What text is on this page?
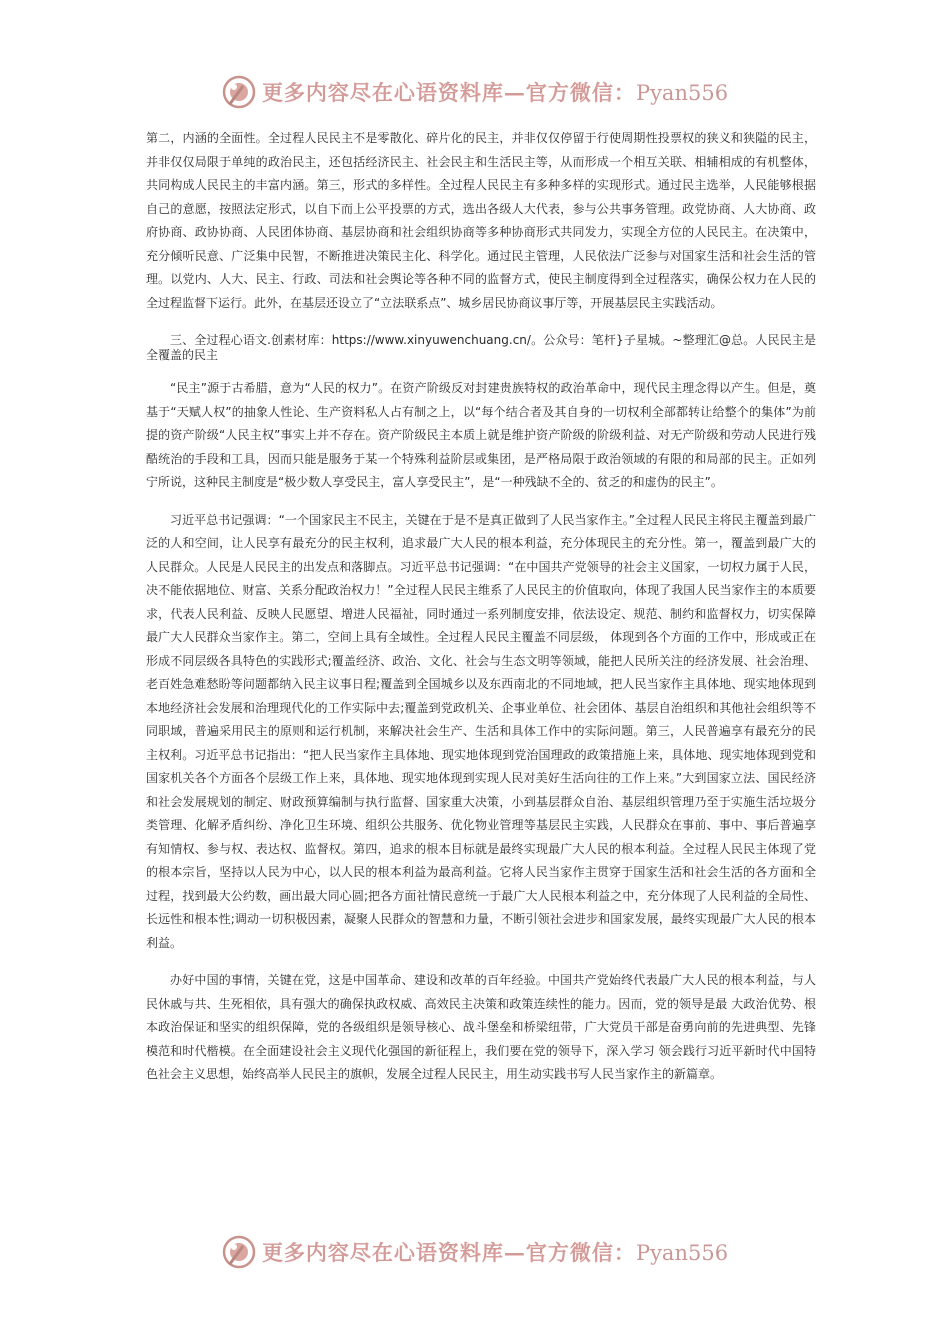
更多内容尽在心语资料库—官方微信：Pyan556

第二，内涵的全面性。全过程人民民主不是零散化、碎片化的民主，并非仅仅停留于行使周期性投票权的狭义和狭隘的民主，并非仅仅局限于单纯的政治民主，还包括经济民主、社会民主和生活民主等，从而形成一个相互关联、相辅相成的有机整体，共同构成人民民主的丰富内涵。第三，形式的多样性。全过程人民民主有多种多样的实现形式。通过民主选举，人民能够根据自己的意愿，按照法定形式，以自下而上公平投票的方式，选出各级人大代表，参与公共事务管理。政党协商、人大协商、政府协商、政协协商、人民团体协商、基层协商和社会组织协商等多种协商形式共同发力，实现全方位的人民民主。在决策中，充分倾听民意、广泛集中民智，不断推进决策民主化、科学化。通过民主管理，人民依法广泛参与对国家生活和社会生活的管理。以党内、人大、民主、行政、司法和社会舆论等各种不同的监督方式，使民主制度得到全过程落实，确保公权力在人民的全过程监督下运行。此外，在基层还设立了“立法联系点”、城乡居民协商议事厅等，开展基层民主实践活动。

三、全过程心语文.创素材库：https://www.xinyuwenchuang.cn/。公众号：笔杆}子星城。~整理汇@总。人民民主是全覆盖的民主

“民主”源于古希腊，意为“人民的权力”。在资产阶级反对封建贵族特权的政治革命中，现代民主理念得以产生。但是，奠基于“天赋人权”的抽象人性论、生产资料私人占有制之上，以“每个结合者及其自身的一切权利全部都转让给整个的集体”为前提的资产阶级“人民主权”事实上并不存在。资产阶级民主本质上就是维护资产阶级的阶级利益、对无产阶级和劳动人民进行残酷统治的手段和工具，因而只能是服务于某一个特殊利益阶层或集团，是严格局限于政治领域的有限的和局部的民主。正如列宁所说，这种民主制度是“极少数人享受民主，富人享受民主”，是“一种残缺不全的、贫乏的和虚伪的民主”。

习近平总书记强调：“一个国家民主不民主，关键在于是不是真正做到了人民当家作主。”全过程人民民主将民主覆盖到最广泛的人和空间，让人民享有最充分的民主权利，追求最广大人民的根本利益，充分体现民主的充分性。第一，覆盖到最广大的人民群众。人民是人民民主的出发点和落脚点。习近平总书记强调：“在中国共产党领导的社会主义国家，一切权力属于人民，决不能依据地位、财富、关系分配政治权力！”全过程人民民主维系了人民民主的价值取向，体现了我国人民当家作主的本质要求，代表人民利益、反映人民愿望、增进人民福祉，同时通过一系列制度安排，依法设定、规范、制约和监督权力，切实保障最广大人民群众当家作主。第二，空间上具有全域性。全过程人民民主覆盖不同层级， 体现到各个方面的工作中，形成或正在形成不同层级各具特色的实践形式;覆盖经济、政治、文化、社会与生态文明等领域，能把人民所关注的经济发展、社会治理、老百姓急难愁盼等问题都纳入民主议事日程;覆盖到全国城乡以及东西南北的不同地域，把人民当家作主具体地、现实地体现到本地经济社会发展和治理现代化的工作实际中去;覆盖到党政机关、企事业单位、社会团体、基层自治组织和其他社会组织等不同职域，普遍采用民主的原则和运行机制，来解决社会生产、生活和具体工作中的实际问题。第三，人民普遍享有最充分的民主权利。习近平总书记指出：“把人民当家作主具体地、现实地体现到党治国理政的政策措施上来，具体地、现实地体现到党和国家机关各个方面各个层级工作上来，具体地、现实地体现到实现人民对美好生活向往的工作上来。”大到国家立法、国民经济和社会发展规划的制定、财政预算编制与执行监督、国家重大决策，小到基层群众自治、基层组织管理乃至于实施生活垃圾分类管理、化解矛盾纠纷、净化卫生环境、组织公共服务、优化物业管理等基层民主实践，人民群众在事前、事中、事后普遍享有知情权、参与权、表达权、监督权。第四，追求的根本目标就是最终实现最广大人民的根本利益。全过程人民民主体现了党的根本宗旨，坚持以人民为中心，以人民的根本利益为最高利益。它将人民当家作主贯穿于国家生活和社会生活的各方面和全过程，找到最大公约数，画出最大同心圆;把各方面社情民意统一于最广大人民根本利益之中，充分体现了人民利益的全局性、长远性和根本性;调动一切积极因素，凝聚人民群众的智慧和力量，不断引领社会进步和国家发展，最终实现最广大人民的根本利益。

办好中国的事情，关键在党，这是中国革命、建设和改革的百年经验。中国共产党始终代表最广大人民的根本利益，与人民休戚与共、生死相依，具有强大的确保执政权威、高效民主决策和政策连续性的能力。因而，党的领导是最 大政治优势、根本政治保证和坚实的组织保障，党的各级组织是领导核心、战斗堡垒和桥梁纽带，广大党员干部是奋勇向前的先进典型、先锋模范和时代楷模。在全面建设社会主义现代化强国的新征程上，我们要在党的领导下，深入学习 领会践行习近平新时代中国特色社会主义思想，始终高举人民民主的旗帜，发展全过程人民民主，用生动实践书写人民当家作主的新篇章。

更多内容尽在心语资料库—官方微信：Pyan556
